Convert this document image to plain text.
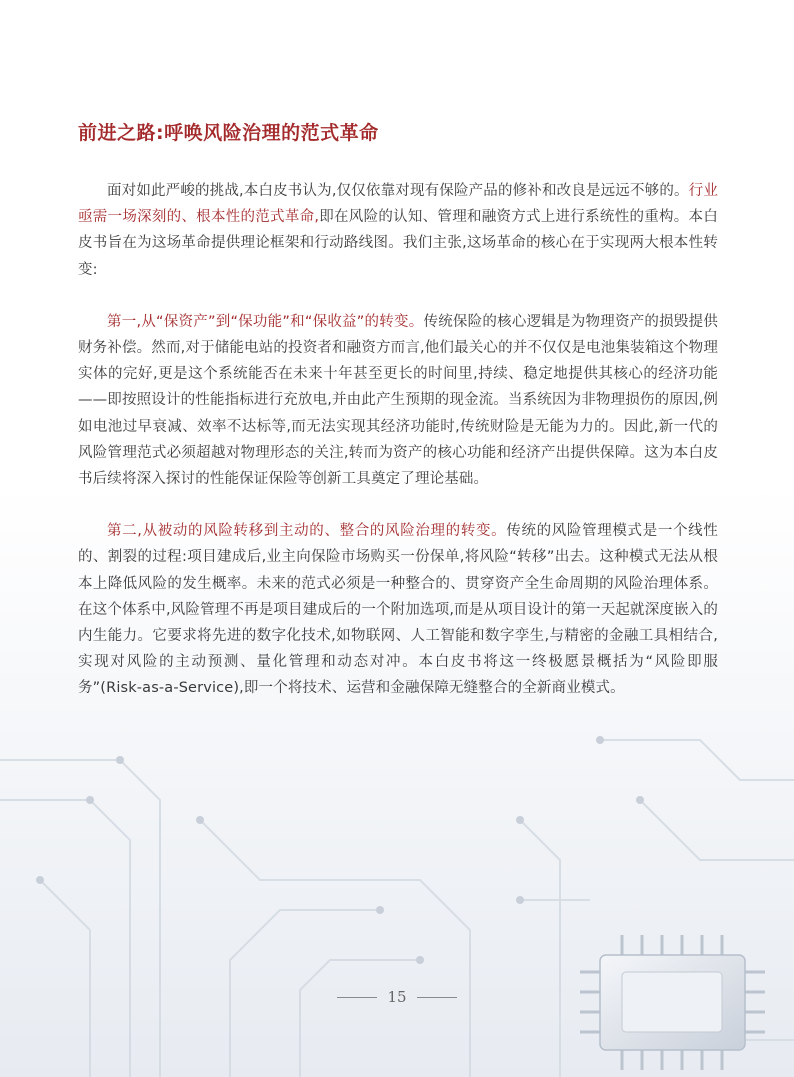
前进之路:呼唤风险治理的范式革命

面对如此严峻的挑战,本白皮书认为,仅仅依靠对现有保险产品的修补和改良是远远不够的。行业亟需一场深刻的、根本性的范式革命,即在风险的认知、管理和融资方式上进行系统性的重构。本白皮书旨在为这场革命提供理论框架和行动路线图。我们主张,这场革命的核心在于实现两大根本性转变:

第一,从“保资产”到“保功能”和“保收益”的转变。传统保险的核心逻辑是为物理资产的损毁提供财务补偿。然而,对于储能电站的投资者和融资方而言,他们最关心的并不仅仅是电池集装箱这个物理实体的完好,更是这个系统能否在未来十年甚至更长的时间里,持续、稳定地提供其核心的经济功能——即按照设计的性能指标进行充放电,并由此产生预期的现金流。当系统因为非物理损伤的原因,例如电池过早衰减、效率不达标等,而无法实现其经济功能时,传统财险是无能为力的。因此,新一代的风险管理范式必须超越对物理形态的关注,转而为资产的核心功能和经济产出提供保障。这为本白皮书后续将深入探讨的性能保证保险等创新工具奠定了理论基础。

第二,从被动的风险转移到主动的、整合的风险治理的转变。传统的风险管理模式是一个线性的、割裂的过程:项目建成后,业主向保险市场购买一份保单,将风险“转移”出去。这种模式无法从根本上降低风险的发生概率。未来的范式必须是一种整合的、贯穿资产全生命周期的风险治理体系。在这个体系中,风险管理不再是项目建成后的一个附加选项,而是从项目设计的第一天起就深度嵌入的内生能力。它要求将先进的数字化技术,如物联网、人工智能和数字孪生,与精密的金融工具相结合,实现对风险的主动预测、量化管理和动态对冲。本白皮书将这一终极愿景概括为“风险即服务”(Risk-as-a-Service),即一个将技术、运营和金融保障无缝整合的全新商业模式。

15
